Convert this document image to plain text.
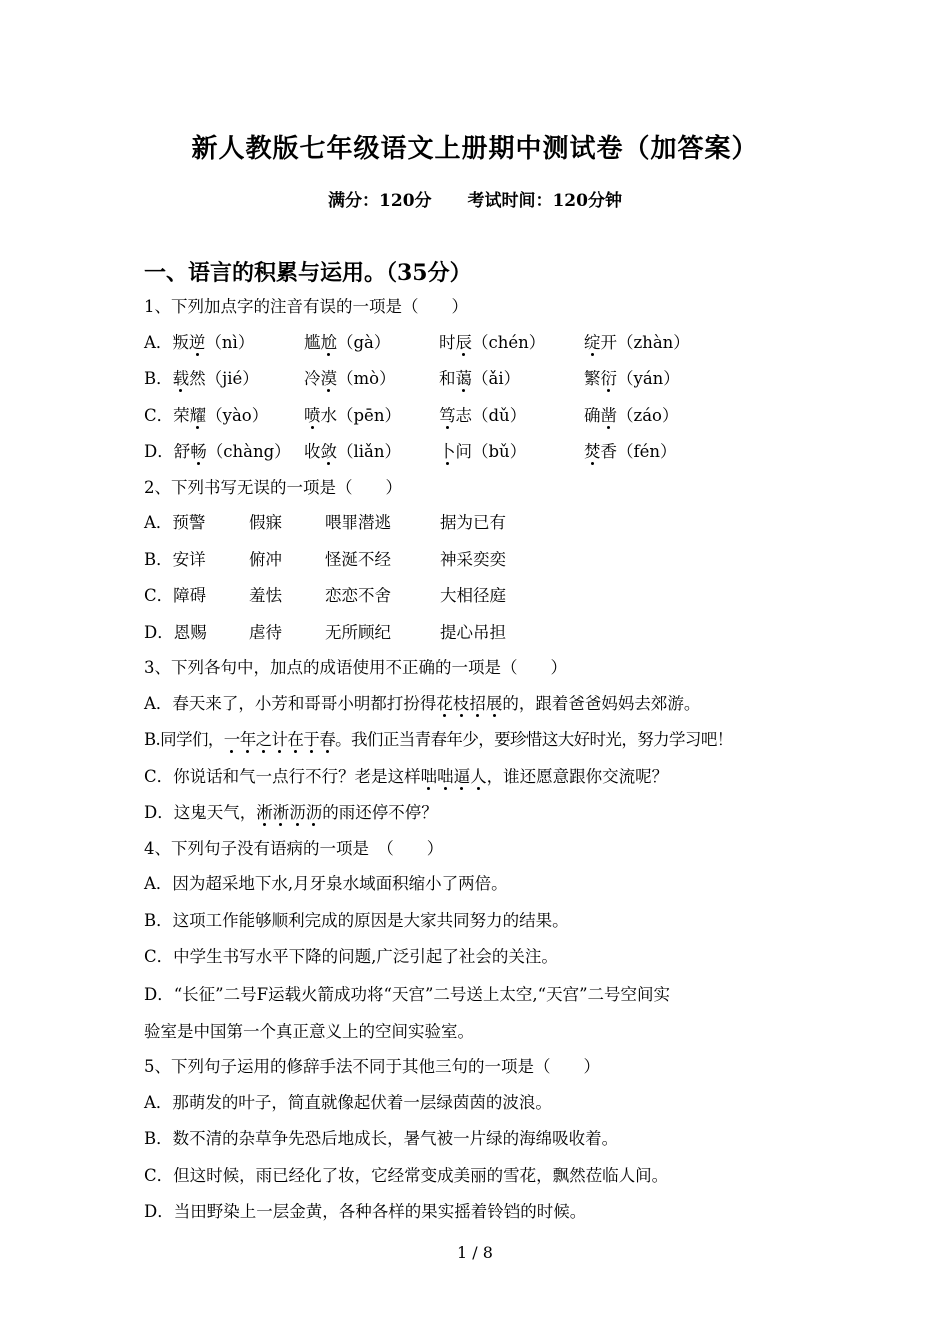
新人教版七年级语文上册期中测试卷（加答案）
满分：120分 考试时间：120分钟
一、语言的积累与运用。（35分）
1、下列加点字的注音有误的一项是（　　）
A．叛逆（nì）	尴尬（gà）	时辰（chén）	绽开（zhàn）
B．载然（jié）	冷漠（mò）	和蔼（ǎi）	繁衍（yán）
C．荣耀（yào）	喷水（pēn）	笃志（dǔ）	确凿（záo）
D．舒畅（chàng） 收敛（liǎn）	卜问（bǔ）	焚香（fén）
2、下列书写无误的一项是（　　）
A．预警	假寐	喂罪潜逃	据为已有
B．安详	俯冲	怪涎不经	神采奕奕
C．障碍	羞怯	恋恋不舍	大相径庭
D．恩赐	虐待	无所顾纪	提心吊担
3、下列各句中，加点的成语使用不正确的一项是（　　）
A．春天来了，小芳和哥哥小明都打扮得花枝招展的，跟着爸爸妈妈去郊游。
B.同学们，一年之计在于春。我们正当青春年少，要珍惜这大好时光，努力学习吧！
C．你说话和气一点行不行？老是这样咄咄逼人，谁还愿意跟你交流呢？
D．这鬼天气，淅淅沥沥的雨还停不停？
4、下列句子没有语病的一项是　（　　）
A．因为超采地下水,月牙泉水域面积缩小了两倍。
B．这项工作能够顺利完成的原因是大家共同努力的结果。
C．中学生书写水平下降的问题,广泛引起了社会的关注。
D．“长征”二号F运载火箭成功将“天宫”二号送上太空,“天宫”二号空间实
验室是中国第一个真正意义上的空间实验室。
5、下列句子运用的修辞手法不同于其他三句的一项是（　　）
A．那萌发的叶子，简直就像起伏着一层绿茵茵的波浪。
B．数不清的杂草争先恐后地成长，暑气被一片绿的海绵吸收着。
C．但这时候，雨已经化了妆，它经常变成美丽的雪花，飘然莅临人间。
D．当田野染上一层金黄，各种各样的果实摇着铃铛的时候。
1 / 8
